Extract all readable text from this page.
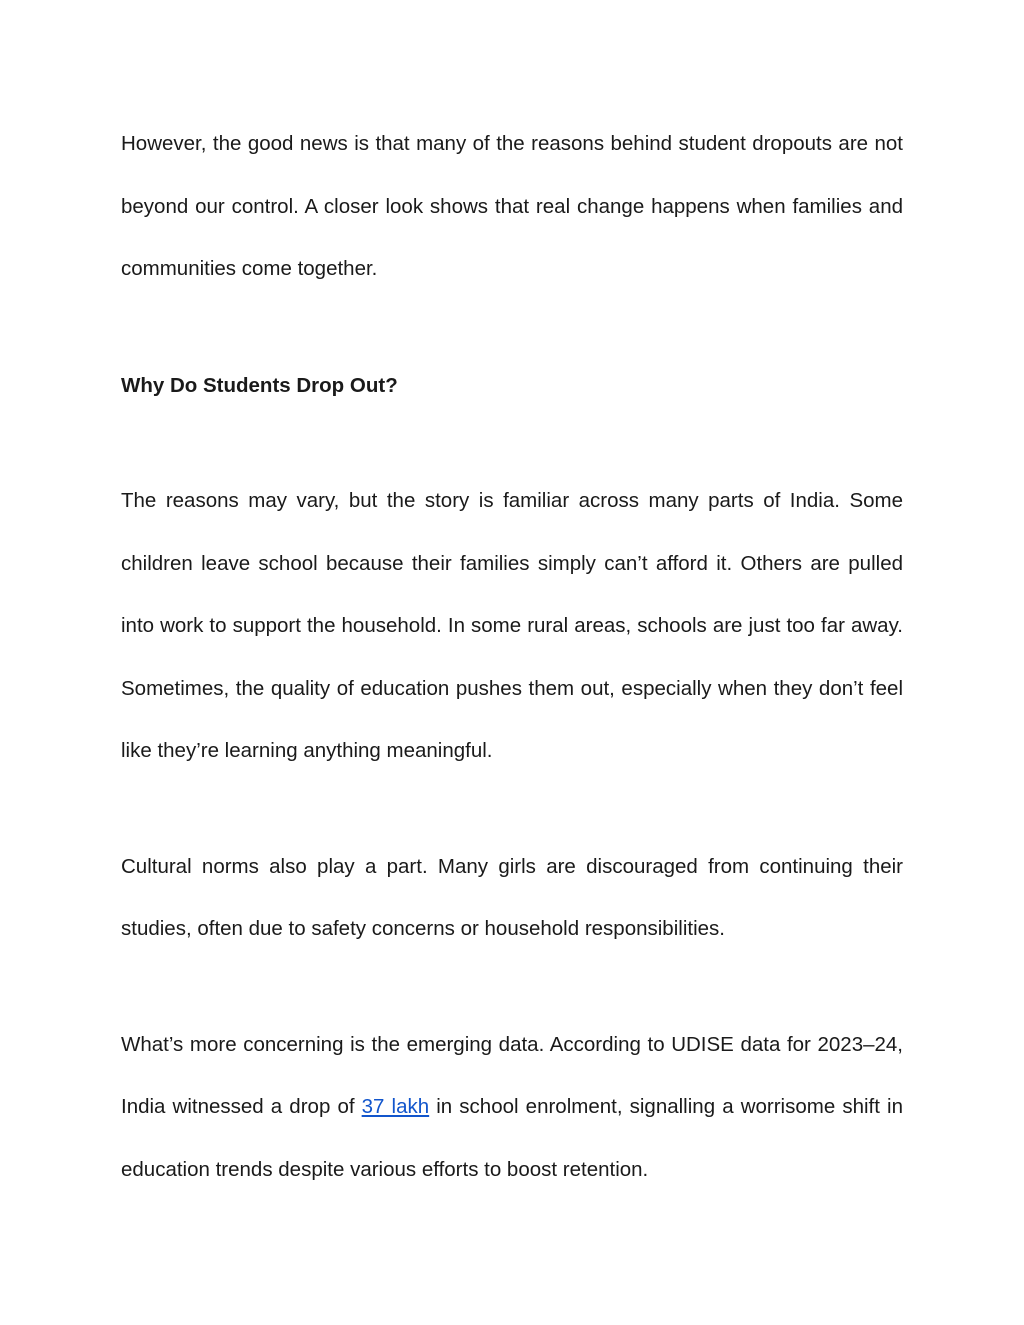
However, the good news is that many of the reasons behind student dropouts are not beyond our control. A closer look shows that real change happens when families and communities come together.

Why Do Students Drop Out?

The reasons may vary, but the story is familiar across many parts of India. Some children leave school because their families simply can’t afford it. Others are pulled into work to support the household. In some rural areas, schools are just too far away. Sometimes, the quality of education pushes them out, especially when they don’t feel like they’re learning anything meaningful.

Cultural norms also play a part. Many girls are discouraged from continuing their studies, often due to safety concerns or household responsibilities.

What’s more concerning is the emerging data. According to UDISE data for 2023–24, India witnessed a drop of 37 lakh in school enrolment, signalling a worrisome shift in education trends despite various efforts to boost retention.
